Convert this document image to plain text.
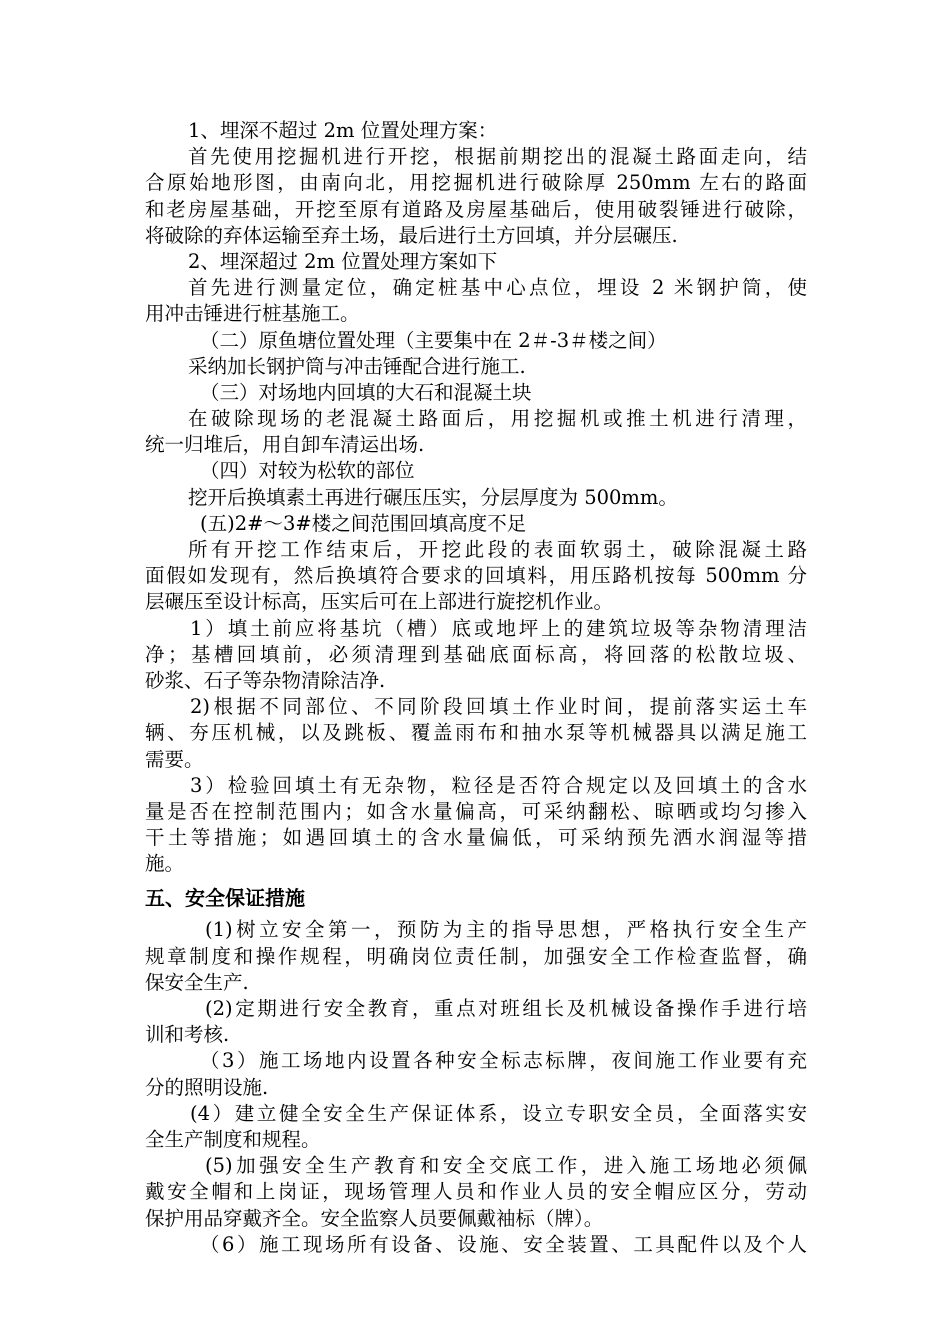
1、埋深不超过 2m 位置处理方案：
首先使用挖掘机进行开挖，根据前期挖出的混凝土路面走向，结
合原始地形图，由南向北，用挖掘机进行破除厚 250mm 左右的路面
和老房屋基础，开挖至原有道路及房屋基础后，使用破裂锤进行破除，
将破除的弃体运输至弃土场，最后进行土方回填，并分层碾压.
2、埋深超过 2m 位置处理方案如下
首先进行测量定位，确定桩基中心点位，埋设 2 米钢护筒，使
用冲击锤进行桩基施工。
（二）原鱼塘位置处理（主要集中在 2＃-3＃楼之间）
采纳加长钢护筒与冲击锤配合进行施工.
（三）对场地内回填的大石和混凝土块
在破除现场的老混凝土路面后，用挖掘机或推土机进行清理，
统一归堆后，用自卸车清运出场.
（四）对较为松软的部位
挖开后换填素土再进行碾压压实，分层厚度为 500mm。
(五)2#～3#楼之间范围回填高度不足
所有开挖工作结束后，开挖此段的表面软弱土，破除混凝土路
面假如发现有，然后换填符合要求的回填料，用压路机按每 500mm 分
层碾压至设计标高，压实后可在上部进行旋挖机作业。
1）填土前应将基坑（槽）底或地坪上的建筑垃圾等杂物清理洁
净；基槽回填前，必须清理到基础底面标高，将回落的松散垃圾、
砂浆、石子等杂物清除洁净.
2)根据不同部位、不同阶段回填土作业时间，提前落实运土车
辆、夯压机械，以及跳板、覆盖雨布和抽水泵等机械器具以满足施工
需要。
3）检验回填土有无杂物，粒径是否符合规定以及回填土的含水
量是否在控制范围内；如含水量偏高，可采纳翻松、晾晒或均匀掺入
干土等措施；如遇回填土的含水量偏低，可采纳预先洒水润湿等措
施。
五、安全保证措施
(1)树立安全第一，预防为主的指导思想，严格执行安全生产
规章制度和操作规程，明确岗位责任制，加强安全工作检查监督，确
保安全生产.
(2)定期进行安全教育，重点对班组长及机械设备操作手进行培
训和考核.
（3）施工场地内设置各种安全标志标牌，夜间施工作业要有充
分的照明设施.
(4）建立健全安全生产保证体系，设立专职安全员，全面落实安
全生产制度和规程。
(5)加强安全生产教育和安全交底工作，进入施工场地必须佩
戴安全帽和上岗证，现场管理人员和作业人员的安全帽应区分，劳动
保护用品穿戴齐全。安全监察人员要佩戴袖标（牌）。
（6）施工现场所有设备、设施、安全装置、工具配件以及个人
